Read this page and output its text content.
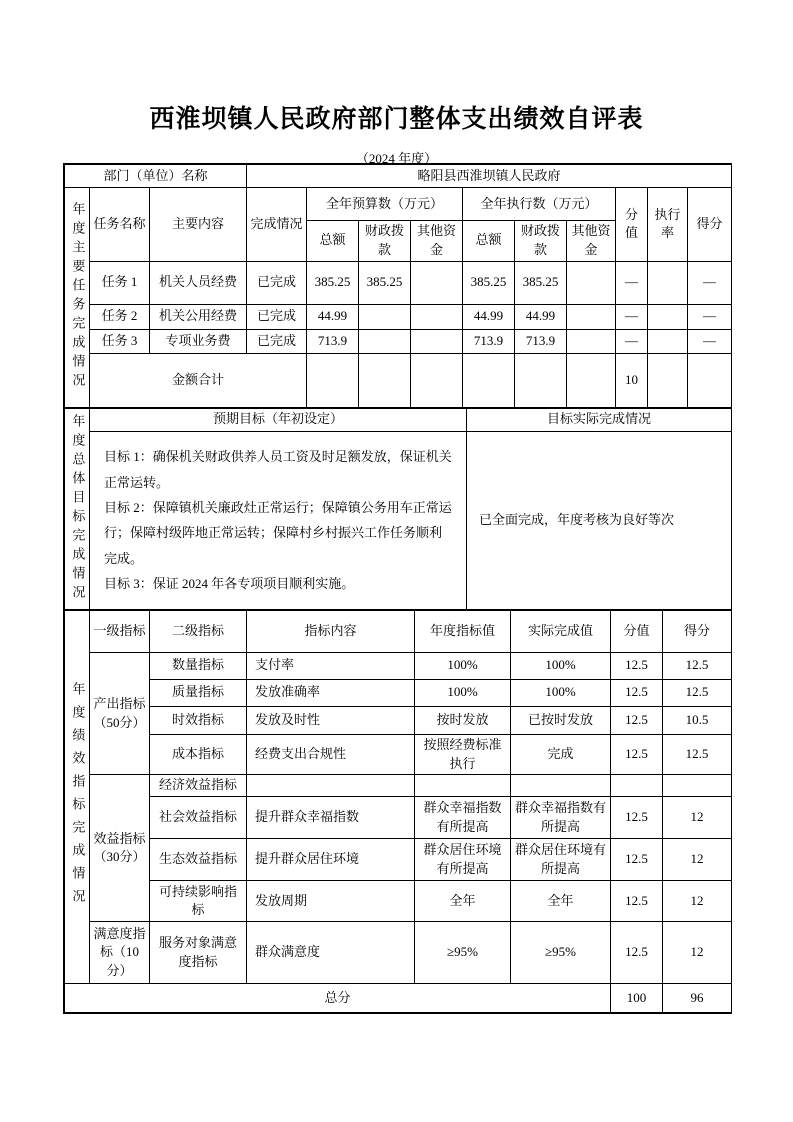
西淮坝镇人民政府部门整体支出绩效自评表
（2024 年度）
部门（单位）名称			略阳县西淮坝镇人民政府									
年度主要任务完成情况	任务名称	主要内容	完成情况	全年预算数（万元）			全年执行数（万元）			分值	执行率	得分
				总额	财政拨款	其他资金	总额	财政拨款	其他资金			
	任务 1	机关人员经费	已完成	385.25	385.25		385.25	385.25		—		—
	任务 2	机关公用经费	已完成	44.99			44.99	44.99		—		—
	任务 3	专项业务费	已完成	713.9			713.9	713.9		—		—
	金额合计									10		
年度总体目标完成情况	预期目标（年初设定）	目标实际完成情况

	目标 1：确保机关财政供养人员工资及时足额发放，保证机关正常运转。

目标 2：保障镇机关廉政灶正常运行；保障镇公务用车正常运行；保障村级阵地正常运转；保障村乡村振兴工作任务顺利完成。

目标 3：保证 2024 年各专项项目顺利实施。	已全面完成，年度考核为良好等次
年度绩效指标完成情况	一级指标	二级指标	指标内容	年度指标值	实际完成值	分值	得分
	产出指标（50分）	数量指标	支付率	100%	100%	12.5	12.5
		质量指标	发放准确率	100%	100%	12.5	12.5
		时效指标	发放及时性	按时发放	已按时发放	12.5	10.5
		成本指标	经费支出合规性	按照经费标准执行	完成	12.5	12.5
	效益指标（30分）	经济效益指标					
		社会效益指标	提升群众幸福指数	群众幸福指数有所提高	群众幸福指数有所提高	12.5	12
		生态效益指标	提升群众居住环境	群众居住环境有所提高	群众居住环境有所提高	12.5	12
		可持续影响指标	发放周期	全年	全年	12.5	12
	满意度指标（10分）	服务对象满意度指标	群众满意度	≥95%	≥95%	12.5	12
总分						100	96
